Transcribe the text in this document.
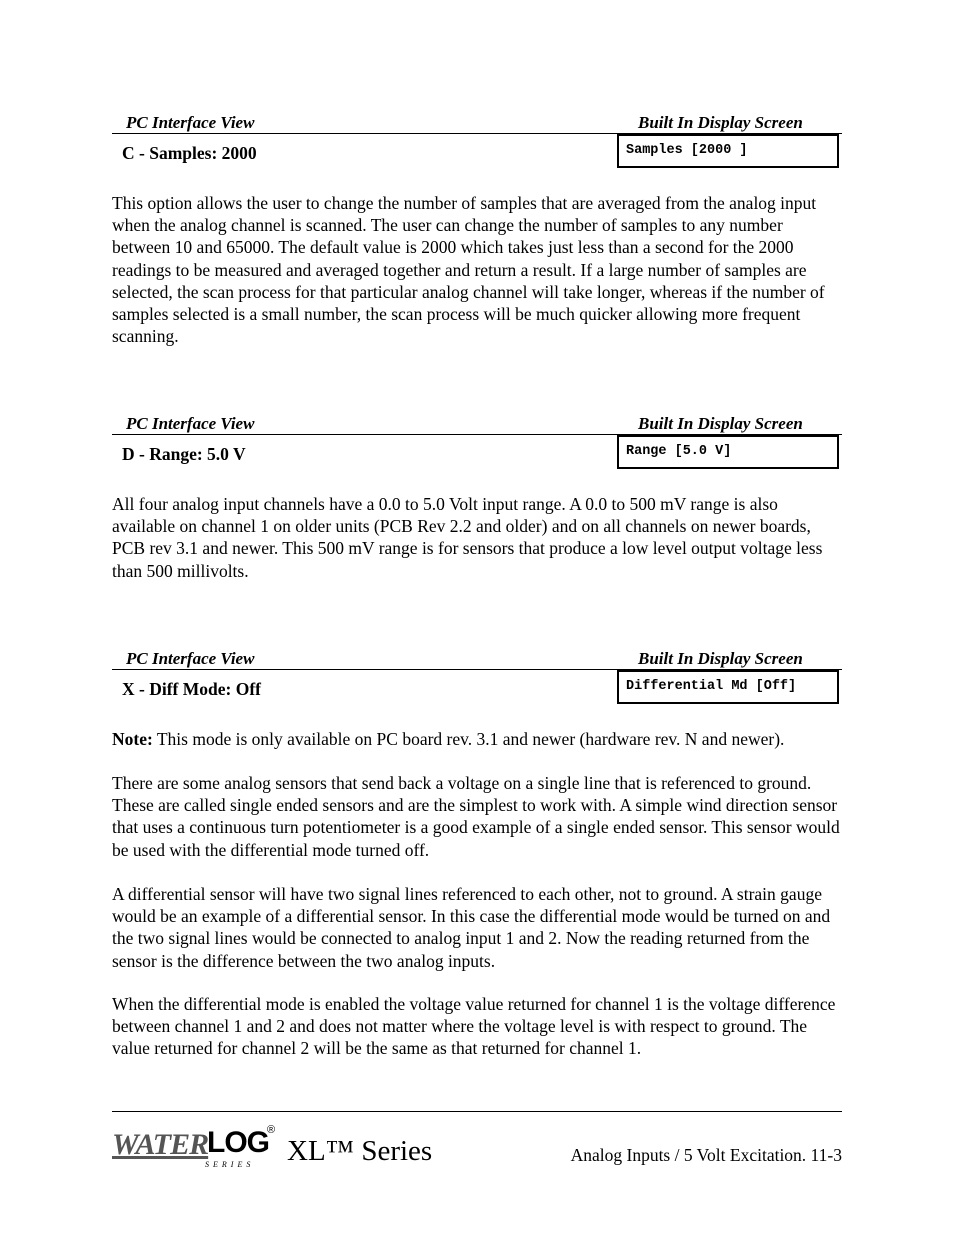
PC Interface View	Built In Display Screen
C - Samples: 2000	Samples [2000 ]

This option allows the user to change the number of samples that are averaged from the analog input when the analog channel is scanned. The user can change the number of samples to any number between 10 and 65000. The default value is 2000 which takes just less than a second for the 2000 readings to be measured and averaged together and return a result. If a large number of samples are selected, the scan process for that particular analog channel will take longer, whereas if the number of samples selected is a small number, the scan process will be much quicker allowing more frequent scanning.

PC Interface View	Built In Display Screen
D - Range: 5.0 V	Range [5.0 V]

All four analog input channels have a 0.0 to 5.0 Volt input range. A 0.0 to 500 mV range is also available on channel 1 on older units (PCB Rev 2.2 and older) and on all channels on newer boards, PCB rev 3.1 and newer. This 500 mV range is for sensors that produce a low level output voltage less than 500 millivolts.

PC Interface View	Built In Display Screen
X - Diff Mode: Off	Differential Md [Off]

Note: This mode is only available on PC board rev. 3.1 and newer (hardware rev. N and newer).

There are some analog sensors that send back a voltage on a single line that is referenced to ground. These are called single ended sensors and are the simplest to work with. A simple wind direction sensor that uses a continuous turn potentiometer is a good example of a single ended sensor. This sensor would be used with the differential mode turned off.

A differential sensor will have two signal lines referenced to each other, not to ground. A strain gauge would be an example of a differential sensor. In this case the differential mode would be turned on and the two signal lines would be connected to analog input 1 and 2. Now the reading returned from the sensor is the difference between the two analog inputs.

When the differential mode is enabled the voltage value returned for channel 1 is the voltage difference between channel 1 and 2 and does not matter where the voltage level is with respect to ground. The value returned for channel 2 will be the same as that returned for channel 1.

WATER
LOG
®
SERIES XL™ Series	Analog Inputs / 5 Volt Excitation. 11-3
